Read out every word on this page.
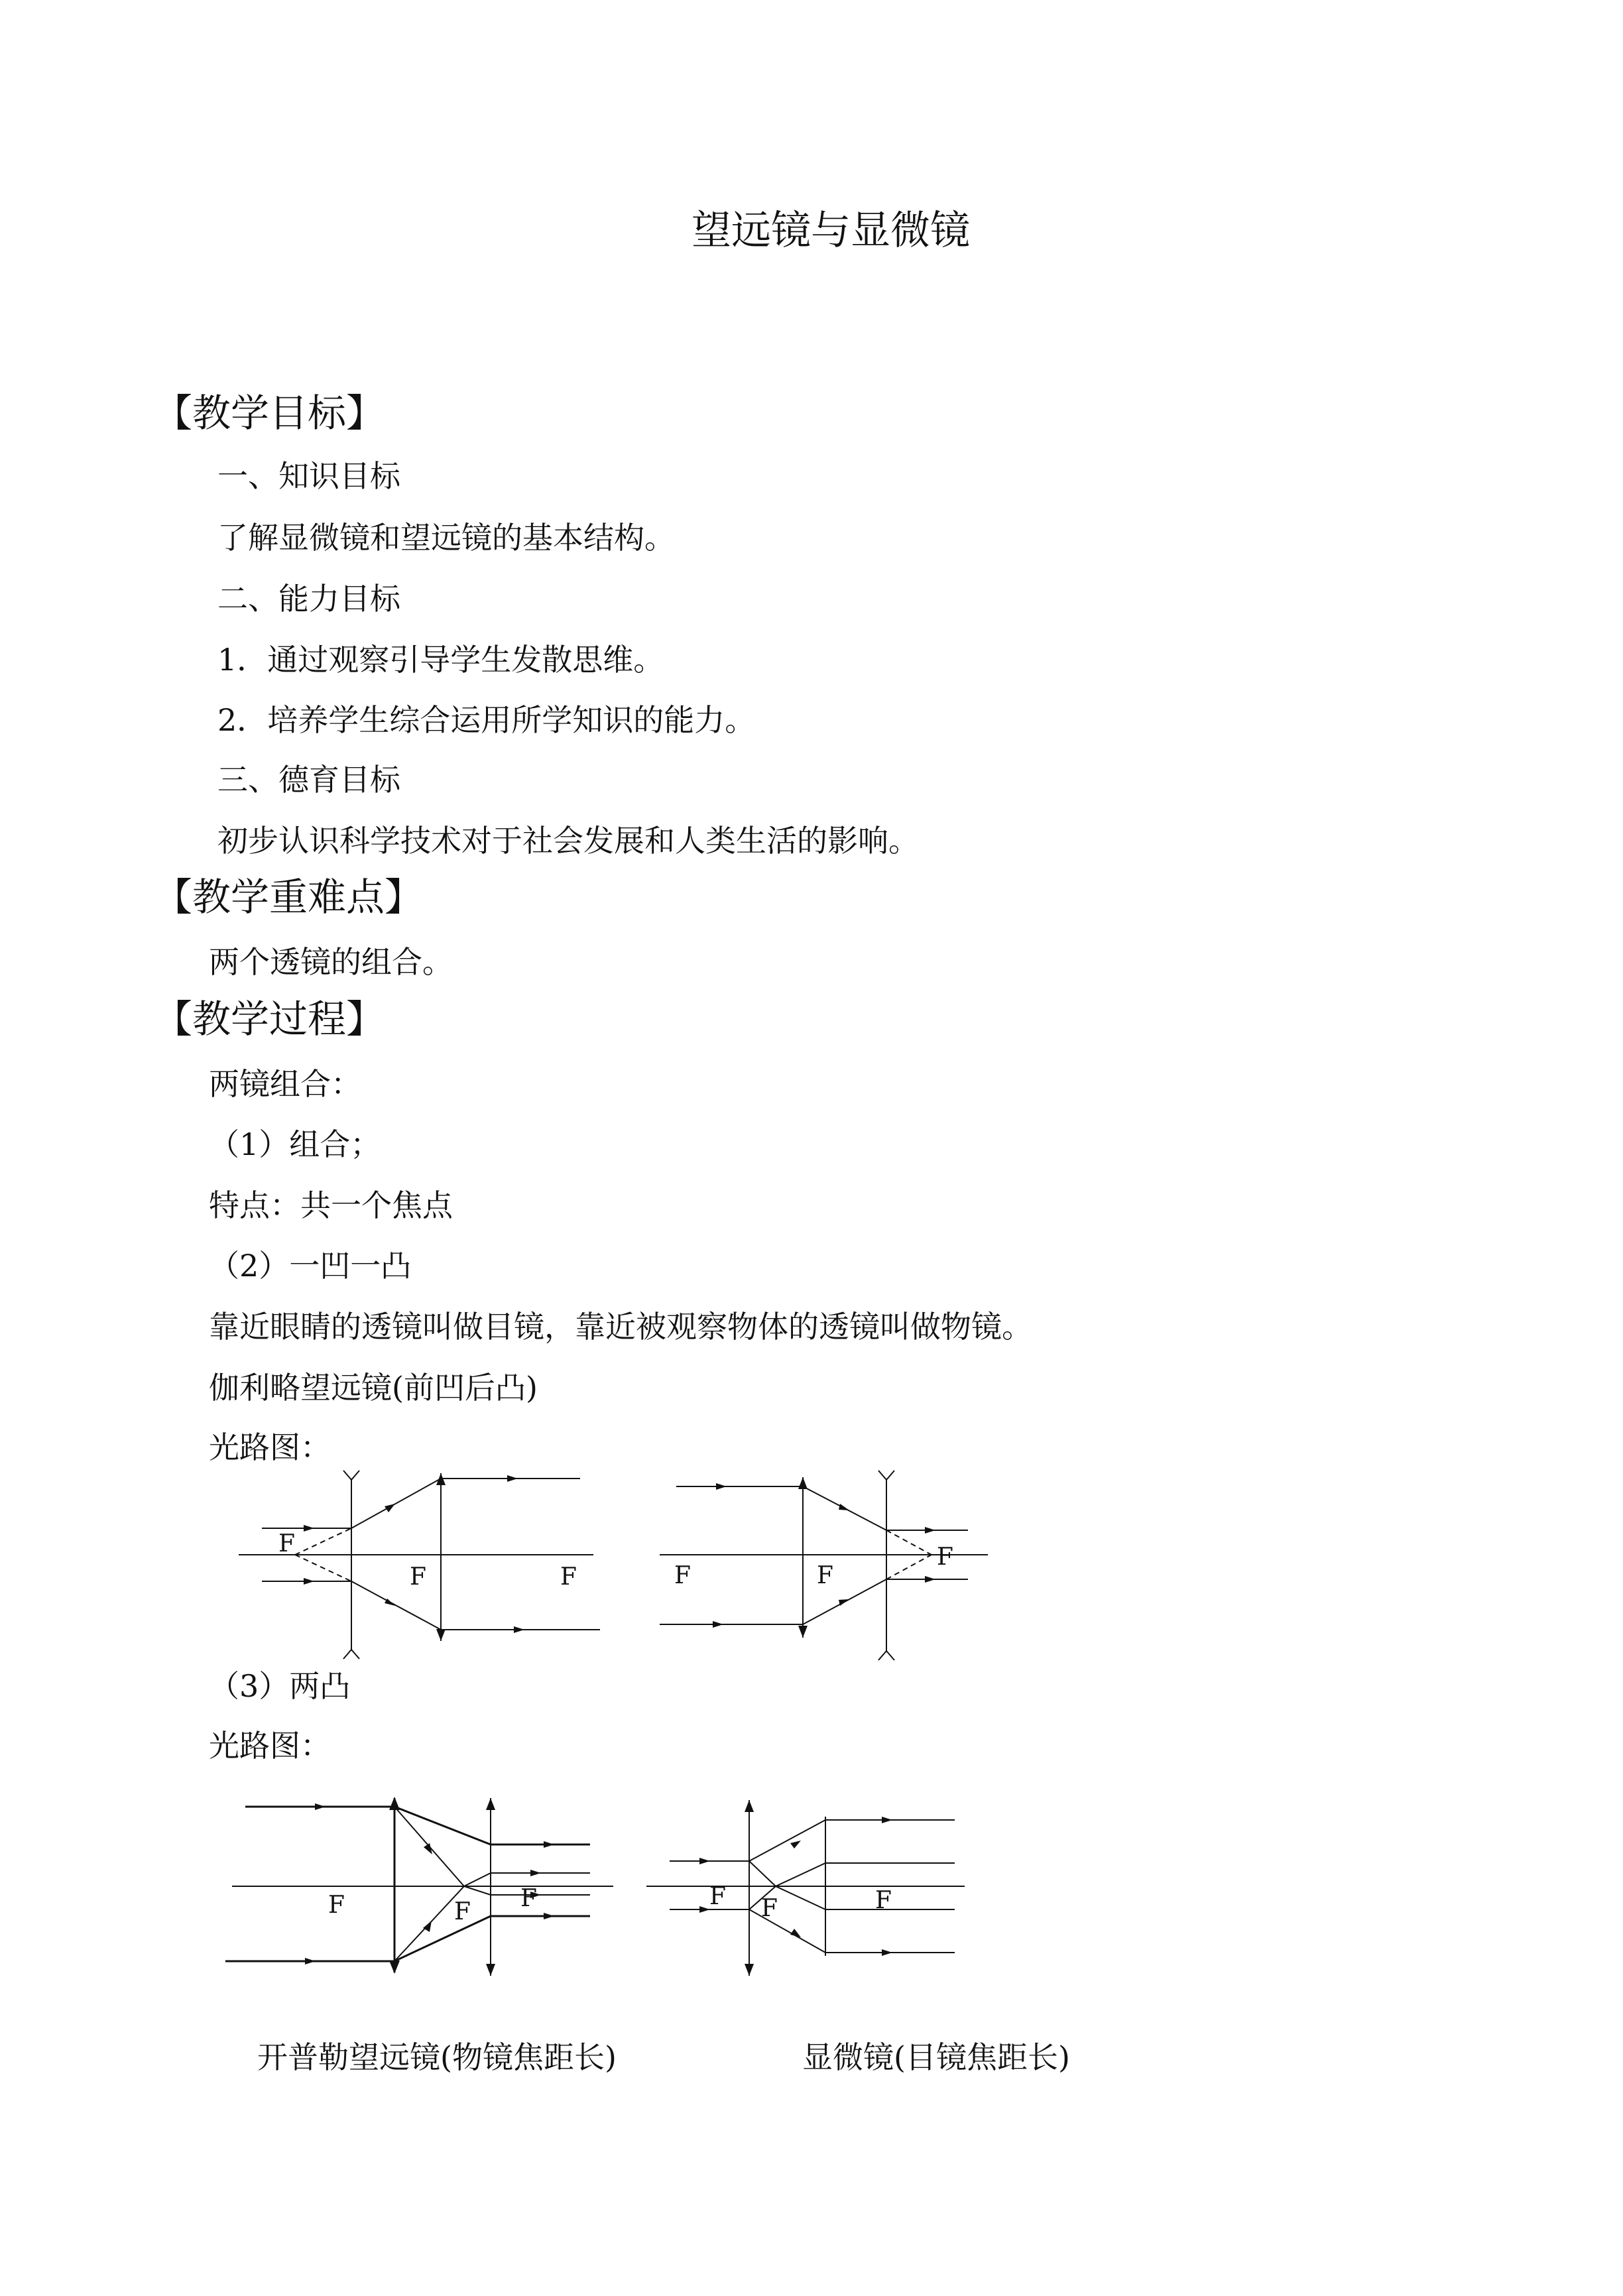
望远镜与显微镜
【教学目标】
一、知识目标
了解显微镜和望远镜的基本结构。
二、能力目标
1．通过观察引导学生发散思维。
2．培养学生综合运用所学知识的能力。
三、德育目标
初步认识科学技术对于社会发展和人类生活的影响。
【教学重难点】
两个透镜的组合。
【教学过程】
两镜组合：
（1）组合；
特点：共一个焦点
（2）一凹一凸
靠近眼睛的透镜叫做目镜，靠近被观察物体的透镜叫做物镜。
伽利略望远镜(前凹后凸)
光路图：
F
F	F	F	F
F
（3）两凸
光路图：
F	F F	F F	F
开普勒望远镜(物镜焦距长)	显微镜(目镜焦距长)
